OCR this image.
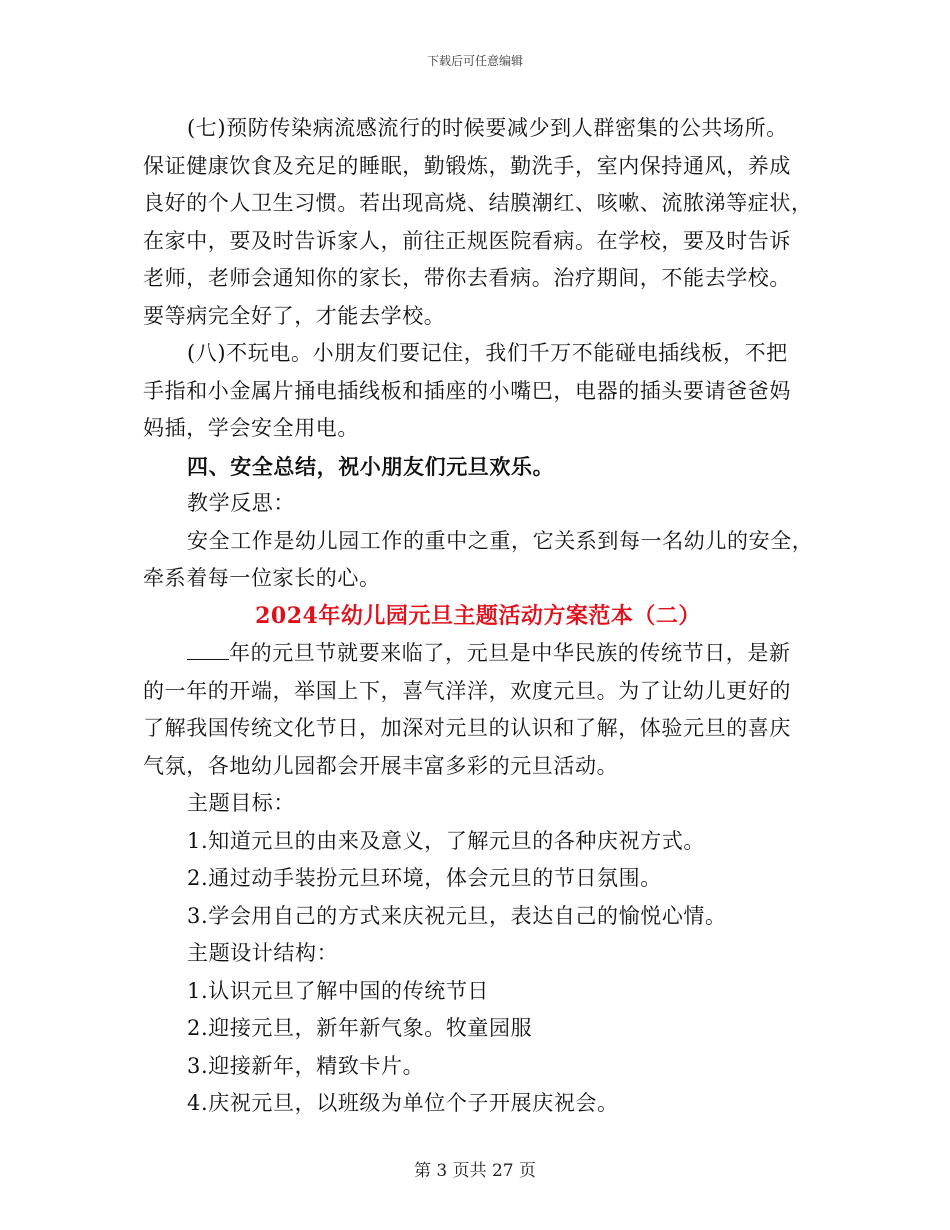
下载后可任意编辑
(七)预防传染病流感流行的时候要减少到人群密集的公共场所。
保证健康饮食及充足的睡眠，勤锻炼，勤洗手，室内保持通风，养成
良好的个人卫生习惯。若出现高烧、结膜潮红、咳嗽、流脓涕等症状，
在家中，要及时告诉家人，前往正规医院看病。在学校，要及时告诉
老师，老师会通知你的家长，带你去看病。治疗期间，不能去学校。
要等病完全好了，才能去学校。
(八)不玩电。小朋友们要记住，我们千万不能碰电插线板，不把
手指和小金属片捅电插线板和插座的小嘴巴，电器的插头要请爸爸妈
妈插，学会安全用电。
四、安全总结，祝小朋友们元旦欢乐。
教学反思：
安全工作是幼儿园工作的重中之重，它关系到每一名幼儿的安全，
牵系着每一位家长的心。
2024年幼儿园元旦主题活动方案范本（二）
年的元旦节就要来临了，元旦是中华民族的传统节日，是新
的一年的开端，举国上下，喜气洋洋，欢度元旦。为了让幼儿更好的
了解我国传统文化节日，加深对元旦的认识和了解，体验元旦的喜庆
气氛，各地幼儿园都会开展丰富多彩的元旦活动。
主题目标：
1.知道元旦的由来及意义，了解元旦的各种庆祝方式。
2.通过动手装扮元旦环境，体会元旦的节日氛围。
3.学会用自己的方式来庆祝元旦，表达自己的愉悦心情。
主题设计结构：
1.认识元旦了解中国的传统节日
2.迎接元旦，新年新气象。牧童园服
3.迎接新年，精致卡片。
4.庆祝元旦，以班级为单位个子开展庆祝会。
第 3 页共 27 页
